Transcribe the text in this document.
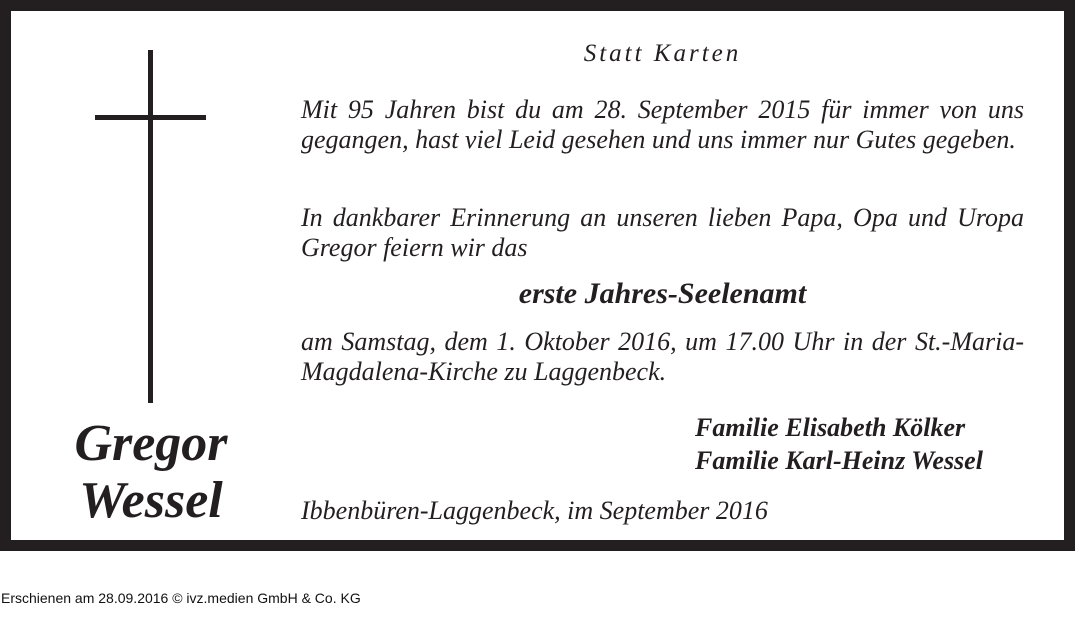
Gregor
Wessel
Statt Karten
Mit 95 Jahren bist du am 28. September 2015 für immer von uns gegangen, hast viel Leid gesehen und uns immer nur Gutes gegeben.
In dankbarer Erinnerung an unseren lieben Papa, Opa und Uropa Gregor feiern wir das
erste Jahres-Seelenamt
am Samstag, dem 1. Oktober 2016, um 17.00 Uhr in der St.-Maria-Magdalena-Kirche zu Laggenbeck.
Familie Elisabeth Kölker
Familie Karl-Heinz Wessel
Ibbenbüren-Laggenbeck, im September 2016
Erschienen am 28.09.2016 © ivz.medien GmbH & Co. KG
